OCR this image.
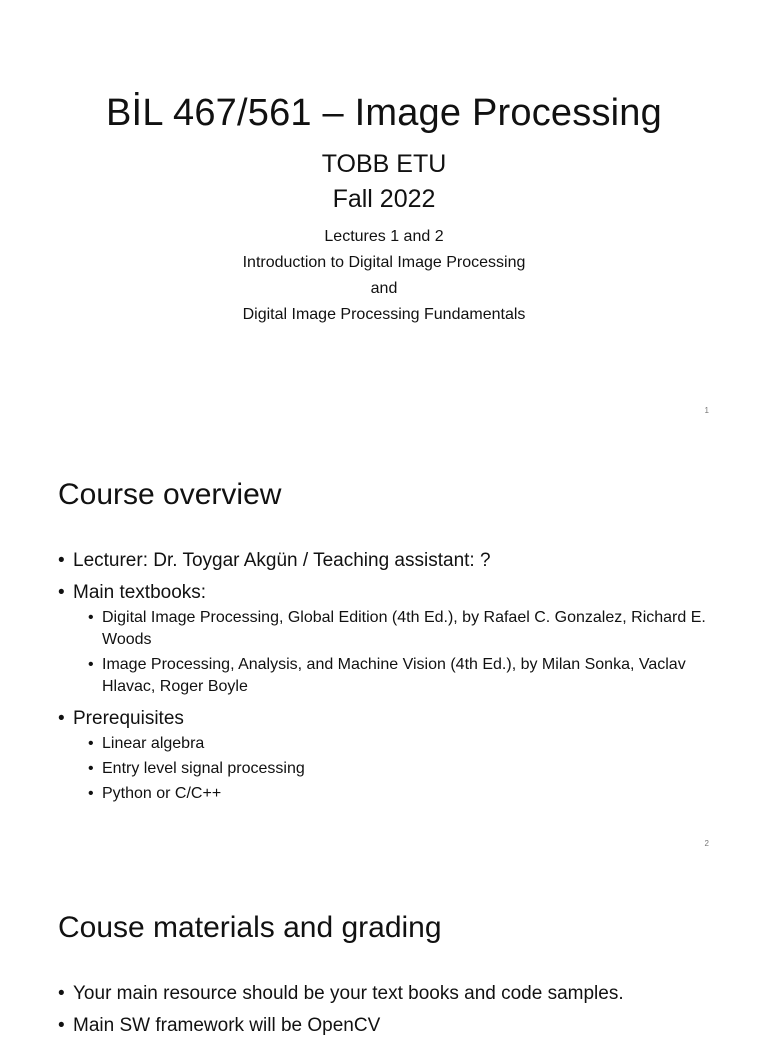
BİL 467/561 – Image Processing
TOBB ETU
Fall 2022
Lectures 1 and 2
Introduction to Digital Image Processing
and
Digital Image Processing Fundamentals
1
Course overview
• Lecturer: Dr. Toygar Akgün / Teaching assistant: ?
• Main textbooks:
• Digital Image Processing, Global Edition (4th Ed.), by Rafael C. Gonzalez, Richard E. Woods
• Image Processing, Analysis, and Machine Vision (4th Ed.), by Milan Sonka, Vaclav Hlavac, Roger Boyle
• Prerequisites
• Linear algebra
• Entry level signal processing
• Python or C/C++
2
Couse materials and grading
• Your main resource should be your text books and code samples.
• Main SW framework will be OpenCV
